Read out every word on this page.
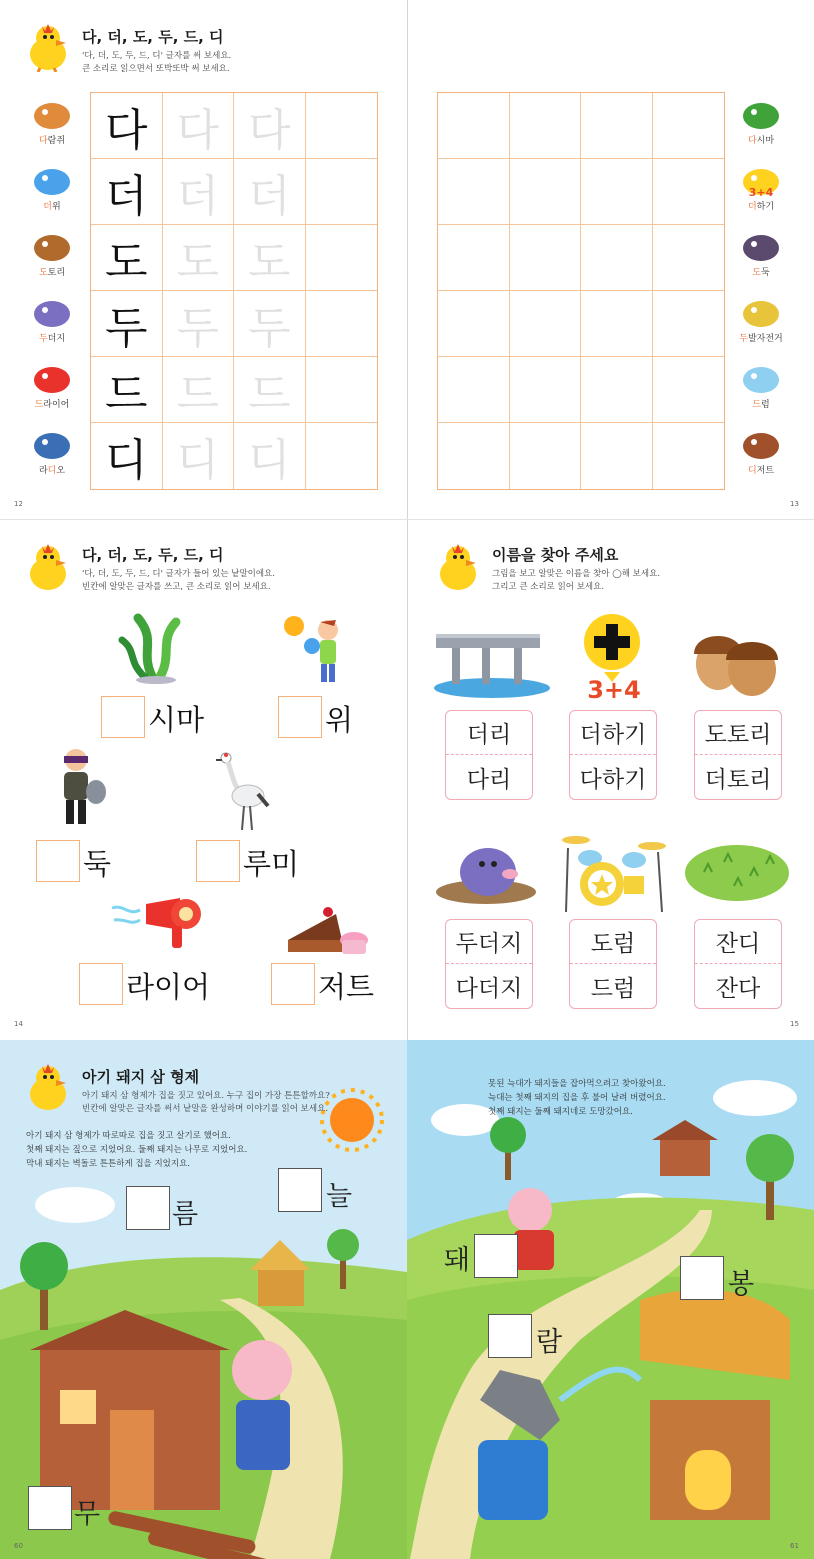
다, 더, 도, 두, 드, 디
'다, 더, 도, 두, 드, 디' 글자를 써 보세요.
큰 소리로 읽으면서 또박또박 써 보세요.
다람쥐
더위
도토리
두더지
드라이어
라디오
다 다 다
더 더 더
도 도 도
두 두 두
드 드 드
디 디 디
다시마
3+4
더하기
도둑
두발자전거
드럼
디저트
12	13
다, 더, 도, 두, 드, 디
'다, 더, 도, 두, 드, 디' 글자가 들어 있는 낱말이에요.
빈칸에 알맞은 글자를 쓰고, 큰 소리로 읽어 보세요.
시마	위
둑	루미
라이어	저트
이름을 찾아 주세요
그림을 보고 알맞은 이름을 찾아 ◯해 보세요.
그리고 큰 소리로 읽어 보세요.
3+4
더리
다리
더하기
다하기
도토리
더토리
두더지
다더지
도럼
드럼
잔디
잔다
14	15
아기 돼지 삼 형제
아기 돼지 삼 형제가 집을 짓고 있어요. 누구 집이 가장 튼튼할까요?
빈칸에 알맞은 글자를 써서 낱말을 완성하며 이야기를 읽어 보세요.
아기 돼지 삼 형제가 따로따로 집을 짓고 살기로 했어요.
첫째 돼지는 짚으로 지었어요. 둘째 돼지는 나무로 지었어요.
막내 돼지는 벽돌로 튼튼하게 집을 지었지요.
름
늘
무
못된 늑대가 돼지들을 잡아먹으려고 찾아왔어요.
늑대는 첫째 돼지의 집을 후 불어 날려 버렸어요.
첫째 돼지는 둘째 돼지네로 도망갔어요.
돼
봉
람
60	61
